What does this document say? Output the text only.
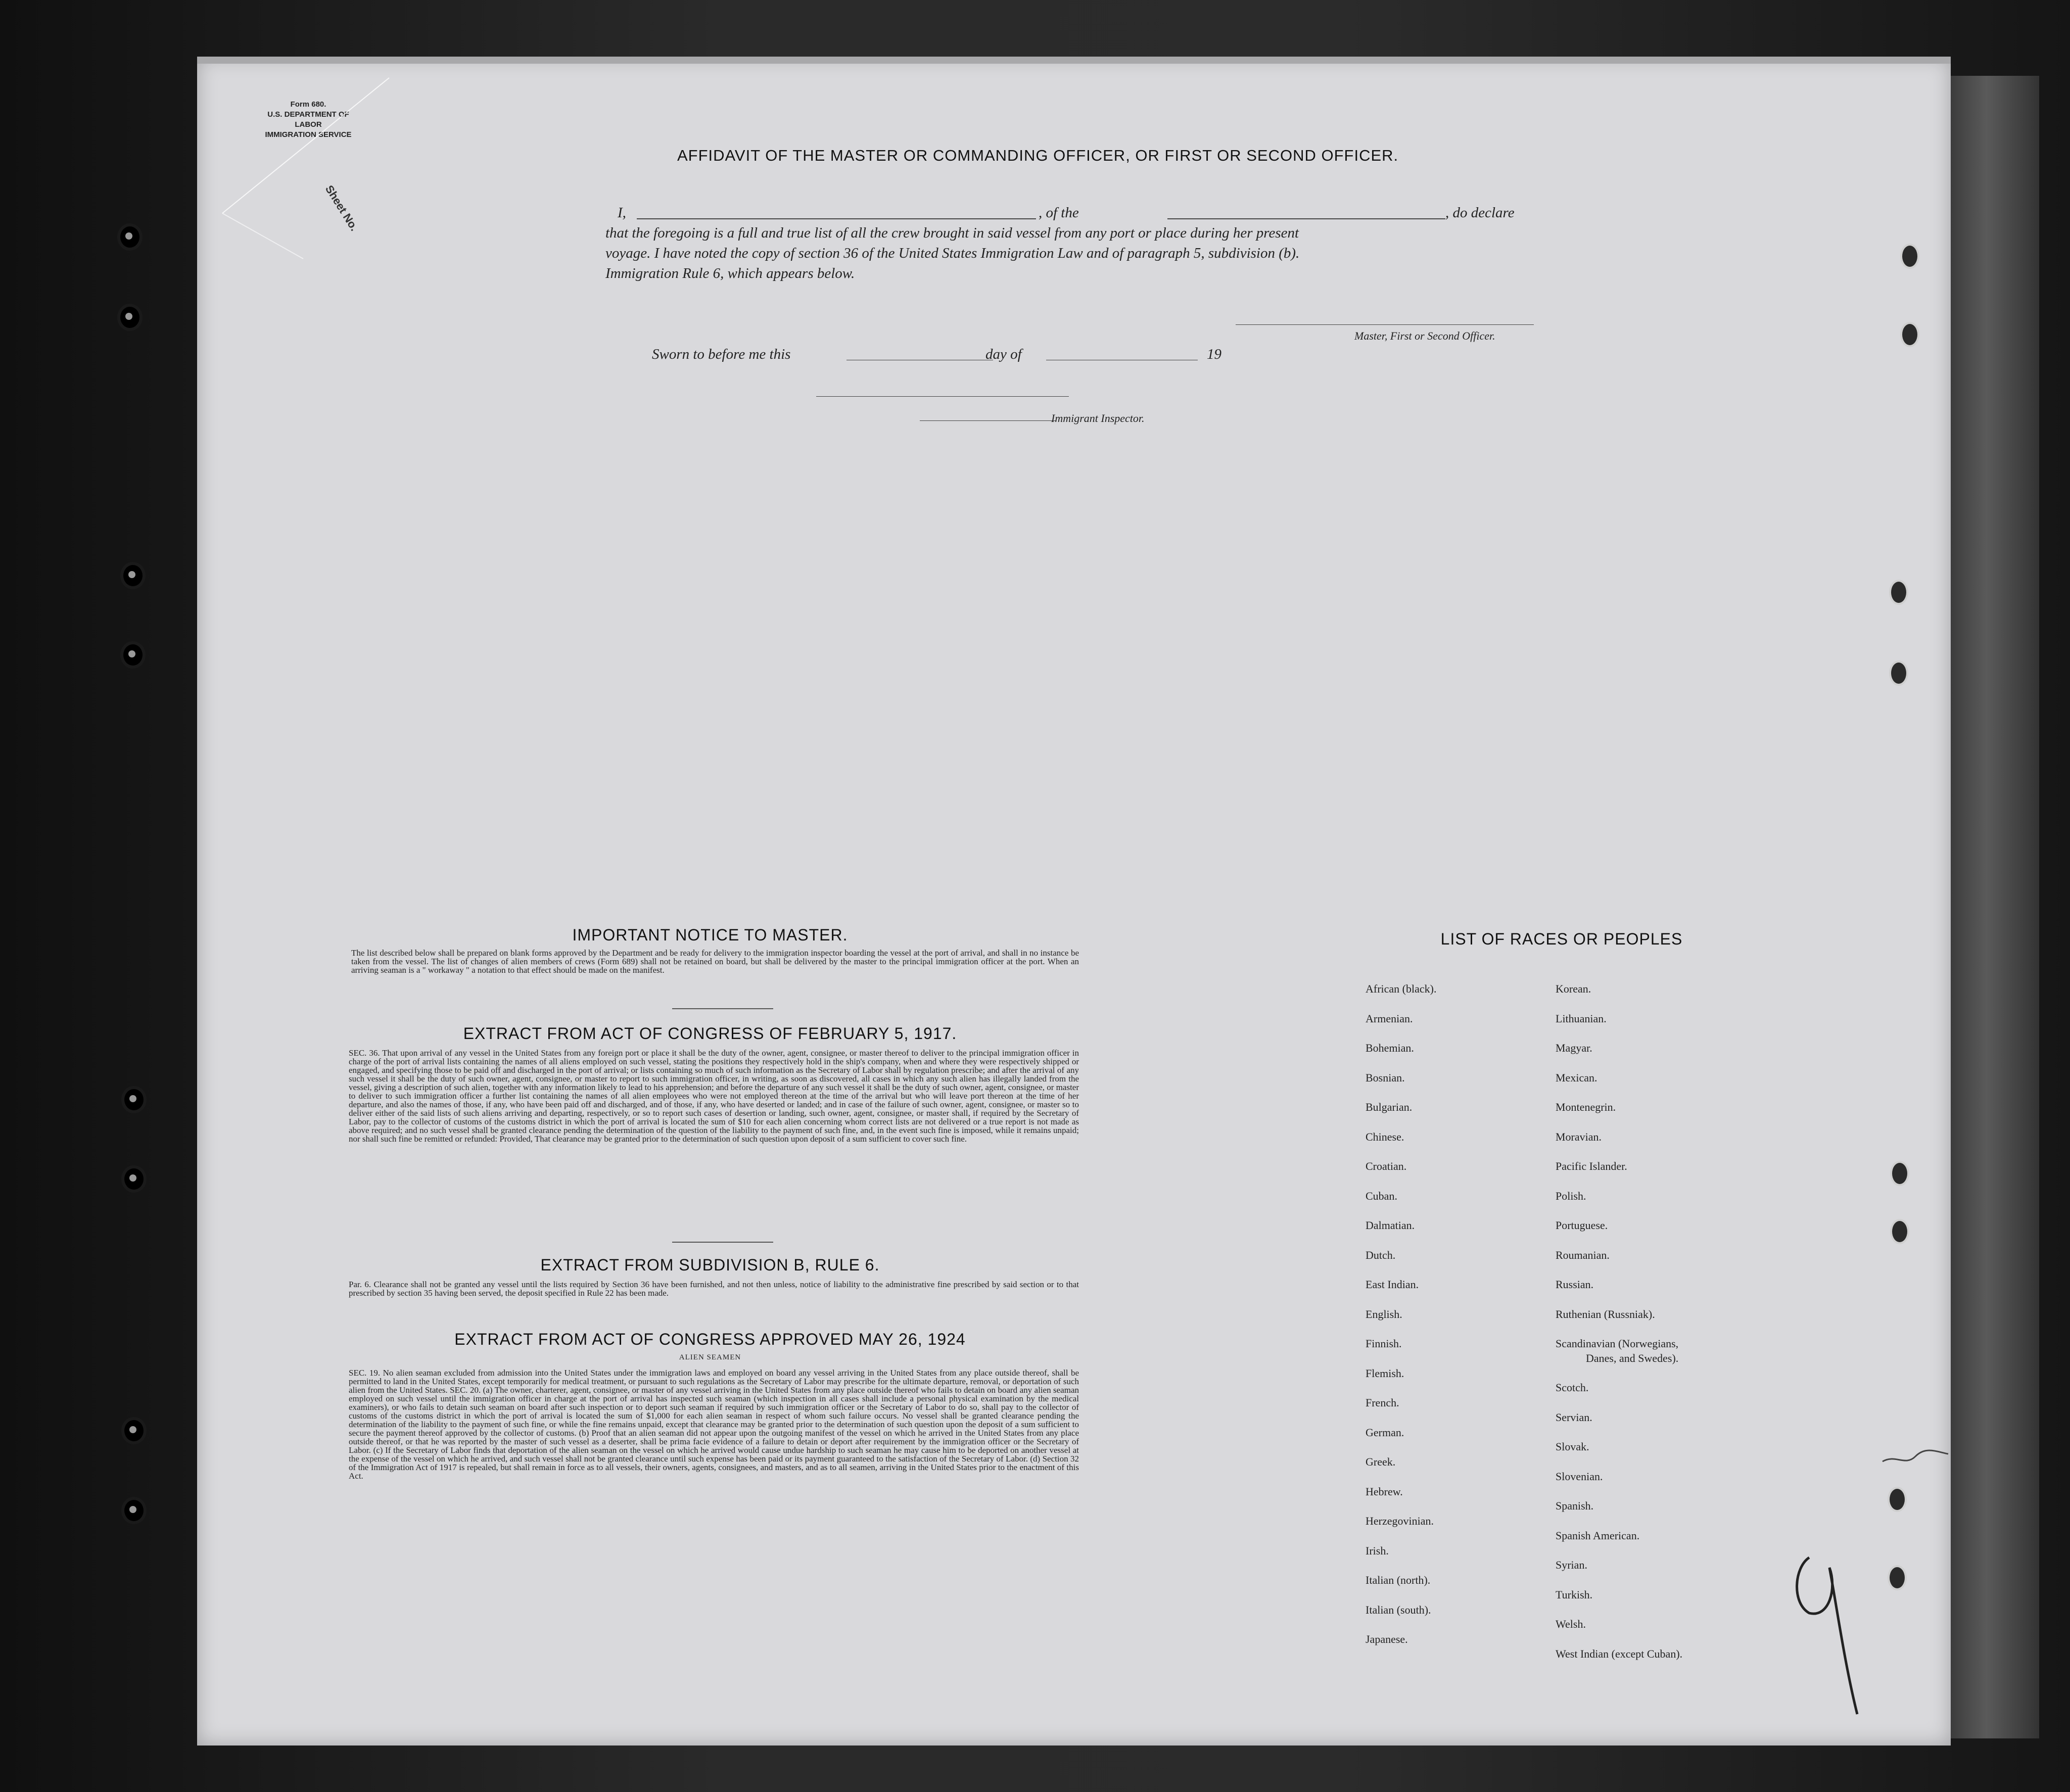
Form 680.
U.S. DEPARTMENT OF LABOR
IMMIGRATION SERVICE
Sheet No.
AFFIDAVIT OF THE MASTER OR COMMANDING OFFICER, OR FIRST OR SECOND OFFICER.
I,	, of the	, do declare
that the foregoing is a full and true list of all the crew brought in said vessel from any port or place during her present
voyage. I have noted the copy of section 36 of the United States Immigration Law and of paragraph 5, subdivision (b).
Immigration Rule 6, which appears below.
Master, First or Second Officer.
Sworn to before me this	day of	19
Immigrant Inspector.
IMPORTANT NOTICE TO MASTER.
The list described below shall be prepared on blank forms approved by the Department and be ready for delivery to the immigration inspector boarding the vessel at the port of arrival, and shall in no instance be taken from the vessel. The list of changes of alien members of crews (Form 689) shall not be retained on board, but shall be delivered by the master to the principal immigration officer at the port. When an arriving seaman is a " workaway " a notation to that effect should be made on the manifest.
EXTRACT FROM ACT OF CONGRESS OF FEBRUARY 5, 1917.
SEC. 36. That upon arrival of any vessel in the United States from any foreign port or place it shall be the duty of the owner, agent, consignee, or master thereof to deliver to the principal immigration officer in charge of the port of arrival lists containing the names of all aliens employed on such vessel, stating the positions they respectively hold in the ship's company, when and where they were respectively shipped or engaged, and specifying those to be paid off and discharged in the port of arrival; or lists containing so much of such information as the Secretary of Labor shall by regulation prescribe; and after the arrival of any such vessel it shall be the duty of such owner, agent, consignee, or master to report to such immigration officer, in writing, as soon as discovered, all cases in which any such alien has illegally landed from the vessel, giving a description of such alien, together with any information likely to lead to his apprehension; and before the departure of any such vessel it shall be the duty of such owner, agent, consignee, or master to deliver to such immigration officer a further list containing the names of all alien employees who were not employed thereon at the time of the arrival but who will leave port thereon at the time of her departure, and also the names of those, if any, who have been paid off and discharged, and of those, if any, who have deserted or landed; and in case of the failure of such owner, agent, consignee, or master so to deliver either of the said lists of such aliens arriving and departing, respectively, or so to report such cases of desertion or landing, such owner, agent, consignee, or master shall, if required by the Secretary of Labor, pay to the collector of customs of the customs district in which the port of arrival is located the sum of $10 for each alien concerning whom correct lists are not delivered or a true report is not made as above required; and no such vessel shall be granted clearance pending the determination of the question of the liability to the payment of such fine, and, in the event such fine is imposed, while it remains unpaid; nor shall such fine be remitted or refunded: Provided, That clearance may be granted prior to the determination of such question upon deposit of a sum sufficient to cover such fine.
EXTRACT FROM SUBDIVISION B, RULE 6.
Par. 6. Clearance shall not be granted any vessel until the lists required by Section 36 have been furnished, and not then unless, notice of liability to the administrative fine prescribed by said section or to that prescribed by section 35 having been served, the deposit specified in Rule 22 has been made.
EXTRACT FROM ACT OF CONGRESS APPROVED MAY 26, 1924
ALIEN SEAMEN
SEC. 19. No alien seaman excluded from admission into the United States under the immigration laws and employed on board any vessel arriving in the United States from any place outside thereof, shall be permitted to land in the United States, except temporarily for medical treatment, or pursuant to such regulations as the Secretary of Labor may prescribe for the ultimate departure, removal, or deportation of such alien from the United States. SEC. 20. (a) The owner, charterer, agent, consignee, or master of any vessel arriving in the United States from any place outside thereof who fails to detain on board any alien seaman employed on such vessel until the immigration officer in charge at the port of arrival has inspected such seaman (which inspection in all cases shall include a personal physical examination by the medical examiners), or who fails to detain such seaman on board after such inspection or to deport such seaman if required by such immigration officer or the Secretary of Labor to do so, shall pay to the collector of customs of the customs district in which the port of arrival is located the sum of $1,000 for each alien seaman in respect of whom such failure occurs. No vessel shall be granted clearance pending the determination of the liability to the payment of such fine, or while the fine remains unpaid, except that clearance may be granted prior to the determination of such question upon the deposit of a sum sufficient to secure the payment thereof approved by the collector of customs. (b) Proof that an alien seaman did not appear upon the outgoing manifest of the vessel on which he arrived in the United States from any place outside thereof, or that he was reported by the master of such vessel as a deserter, shall be prima facie evidence of a failure to detain or deport after requirement by the immigration officer or the Secretary of Labor. (c) If the Secretary of Labor finds that deportation of the alien seaman on the vessel on which he arrived would cause undue hardship to such seaman he may cause him to be deported on another vessel at the expense of the vessel on which he arrived, and such vessel shall not be granted clearance until such expense has been paid or its payment guaranteed to the satisfaction of the Secretary of Labor. (d) Section 32 of the Immigration Act of 1917 is repealed, but shall remain in force as to all vessels, their owners, agents, consignees, and masters, and as to all seamen, arriving in the United States prior to the enactment of this Act.
LIST OF RACES OR PEOPLES
African (black).
Armenian.
Bohemian.
Bosnian.
Bulgarian.
Chinese.
Croatian.
Cuban.
Dalmatian.
Dutch.
East Indian.
English.
Finnish.
Flemish.
French.
German.
Greek.
Hebrew.
Herzegovinian.
Irish.
Italian (north).
Italian (south).
Japanese.
Korean.
Lithuanian.
Magyar.
Mexican.
Montenegrin.
Moravian.
Pacific Islander.
Polish.
Portuguese.
Roumanian.
Russian.
Ruthenian (Russniak).
Scandinavian (Norwegians,
Danes, and Swedes).
Scotch.
Servian.
Slovak.
Slovenian.
Spanish.
Spanish American.
Syrian.
Turkish.
Welsh.
West Indian (except Cuban).
